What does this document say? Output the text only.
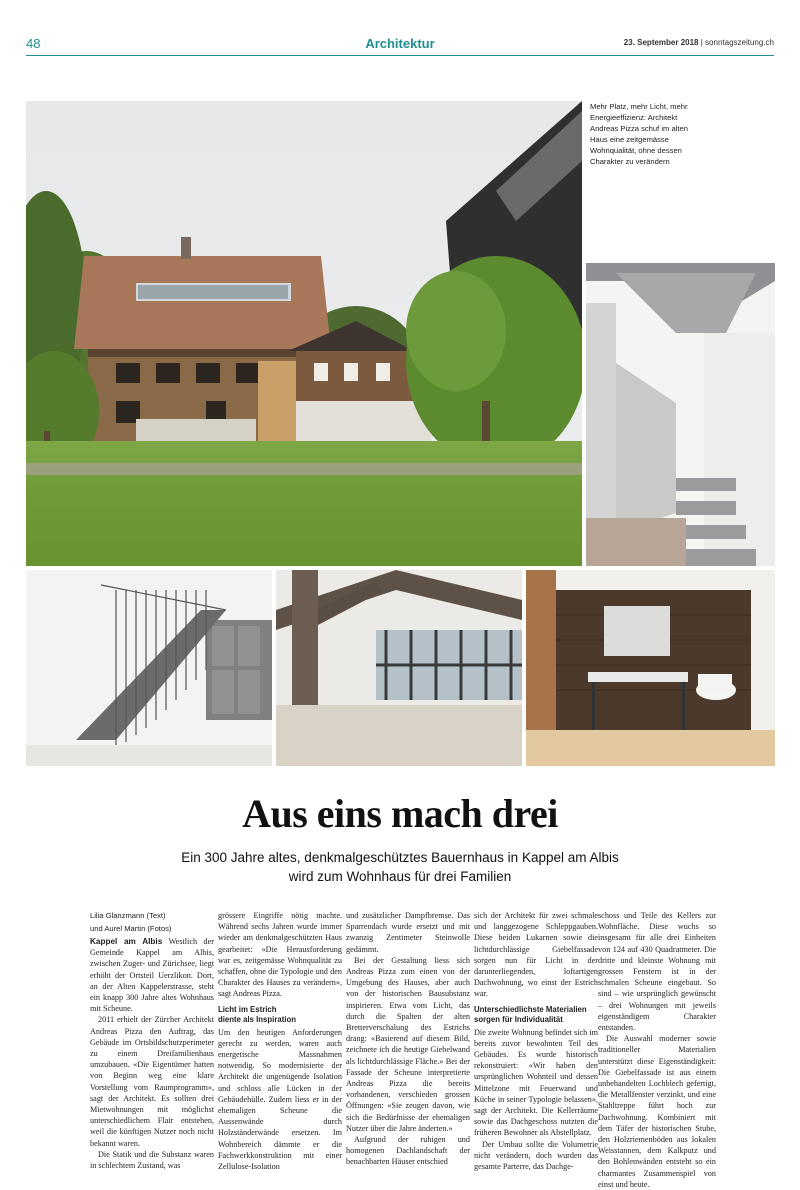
48	Architektur	23. September 2018 | sonntagszeitung.ch
Mehr Platz, mehr Licht, mehr Energieeffizienz: Architekt Andreas Pizza schuf im alten Haus eine zeitgemässe Wohnqualität, ohne dessen Charakter zu verändern
Aus eins mach drei
Ein 300 Jahre altes, denkmalgeschütztes Bauernhaus in Kappel am Albis
wird zum Wohnhaus für drei Familien
Lilia Glanzmann (Text)
und Aurel Martin (Fotos)

Kappel am Albis Westlich der Gemeinde Kappel am Albis, zwischen Zuger- und Zürichsee, liegt erhöht der Ortsteil Uerzlikon. Dort, an der Alten Kappelerstrasse, steht ein knapp 300 Jahre altes Wohnhaus mit Scheune.

2011 erhielt der Zürcher Architekt Andreas Pizza den Auftrag, das Gebäude im Ortsbildschutzperimeter zu einem Dreifamilienhaus umzubauen. «Die Eigentümer hatten von Beginn weg eine klare Vorstellung vom Raumprogramm», sagt der Architekt. Es sollten drei Mietwohnungen mit möglichst unterschiedlichem Flair entstehen, weil die künftigen Nutzer noch nicht bekannt waren.

Die Statik und die Substanz waren in schlechtem Zustand, was

grössere Eingriffe nötig machte. Während sechs Jahren wurde immer wieder am denkmalgeschützten Haus gearbeitet: «Die Herausforderung war es, zeitgemässe Wohnqualität zu schaffen, ohne die Typologie und den Charakter des Hauses zu verändern», sagt Andreas Pizza.

Licht im Estrich
diente als Inspiration

Um den heutigen Anforderungen gerecht zu werden, waren auch energetische Massnahmen notwendig. So modernisierte der Architekt die ungenügende Isolation und schloss alle Lücken in der Gebäudehülle. Zudem liess er in der ehemaligen Scheune die Aussenwände durch Holzständerwände ersetzen. Im Wohnbereich dämmte er die Fachwerkkonstruktion mit einer Zellulose-Isolation

und zusätzlicher Dampfbremse. Das Sparrendach wurde ersetzt und mit zwanzig Zentimeter Steinwolle gedämmt.

Bei der Gestaltung liess sich Andreas Pizza zum einen von der Umgebung des Hauses, aber auch von der historischen Bausubstanz inspirieren. Etwa vom Licht, das durch die Spalten der alten Bretterverschalung des Estrichs drang: «Basierend auf diesem Bild, zeichnete ich die heutige Giebelwand als lichtdurchlässige Fläche.» Bei der Fassade der Scheune interpretierte Andreas Pizza die bereits vorhandenen, verschieden grossen Öffnungen: «Sie zeugen davon, wie sich die Bedürfnisse der ehemaligen Nutzer über die Jahre änderten.»

Aufgrund der ruhigen und homogenen Dachlandschaft der benachbarten Häuser entschied

sich der Architekt für zwei schmale und langgezogene Schleppgauben. Diese beiden Lukarnen sowie die lichtdurchlässige Giebelfassade sorgen nun für Licht in der darunterliegenden, loftartigen Dachwohnung, wo einst der Estrich war.

Unterschiedlichste Materialien
sorgen für Individualität

Die zweite Wohnung befindet sich im bereits zuvor bewohnten Teil des Gebäudes. Es wurde historisch rekonstruiert: «Wir haben den ursprünglichen Wohnteil und dessen Mittelzone mit Feuerwand und Küche in seiner Typologie belassen», sagt der Architekt. Die Kellerräume sowie das Dachgeschoss nutzten die früheren Bewohner als Abstellplatz.

Der Umbau sollte die Volumetrie nicht verändern, doch wurden das gesamte Parterre, das Dachge-

schoss und Teile des Kellers zur Wohnfläche. Diese wuchs so insgesamt für alle drei Einheiten von 124 auf 430 Quadratmeter. Die dritte und kleinste Wohnung mit grossen Fenstern ist in der schmalen Scheune eingebaut. So sind – wie ursprünglich gewünscht – drei Wohnungen mit jeweils eigenständigem Charakter entstanden.

Die Auswahl moderner sowie traditioneller Materialien unterstützt diese Eigenständigkeit: Die Giebelfassade ist aus einem unbehandelten Lochblech gefertigt, die Metallfenster verzinkt, und eine Stahltreppe führt hoch zur Dachwohnung. Kombiniert mit dem Täfer der historischen Stube, den Holzriemenböden aus lokalen Weisstannen, dem Kalkputz und den Bohlenwänden entsteht so ein charmantes Zusammenspiel von einst und heute.
